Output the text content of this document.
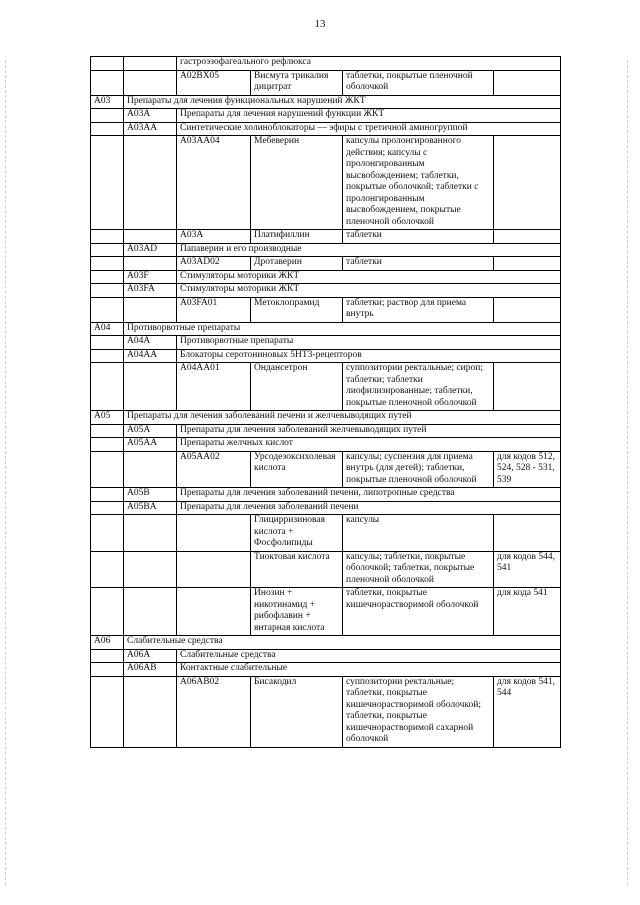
13
		гастроэзофагеального рефлюкса			
		A02BX05	Висмута трикалия дицитрат	таблетки, покрытые пленочной оболочкой	
A03	Препараты для лечения функциональных нарушений ЖКТ				
	A03A	Препараты для лечения нарушений функции ЖКТ			
	A03AA	Синтетические холиноблокаторы — эфиры с третичной аминогруппой			
		A03AA04	Мебеверин	капсулы пролонгированного действия; капсулы с пролонгированным высвобождением; таблетки, покрытые оболочкой; таблетки с пролонгированным высвобождением, покрытые пленочной оболочкой	
		A03A	Платифиллин	таблетки	
	A03AD	Папаверин и его производные			
		A03AD02	Дротаверин	таблетки	
	A03F	Стимуляторы моторики ЖКТ			
	A03FA	Стимуляторы моторики ЖКТ			
		A03FA01	Метоклопрамид	таблетки; раствор для приема внутрь	
A04	Противорвотные препараты				
	A04A	Противорвотные препараты			
	A04AA	Блокаторы серотониновых 5НТ3-рецепторов			
		A04AA01	Ондансетрон	суппозитории ректальные; сироп; таблетки; таблетки лиофилизированные; таблетки, покрытые пленочной оболочкой	
A05	Препараты для лечения заболеваний печени и желчевыводящих путей				
	A05A	Препараты для лечения заболеваний желчевыводящих путей			
	A05AA	Препараты желчных кислот			
		A05AA02	Урсодезоксихолевая кислота	капсулы; суспензия для приема внутрь (для детей); таблетки, покрытые пленочной оболочкой	для кодов 512, 524, 528 - 531, 539
	A05B	Препараты для лечения заболеваний печени, липотропные средства			
	A05BA	Препараты для лечения заболеваний печени			
			Глицирризиновая кислота + Фосфолипиды	капсулы	
			Тиоктовая кислота	капсулы; таблетки, покрытые оболочкой; таблетки, покрытые пленочной оболочкой	для кодов 544, 541
			Инозин + никотинамид + рибофлавин + янтарная кислота	таблетки, покрытые кишечнорастворимой оболочкой	для кода 541
A06	Слабительные средства				
	A06A	Слабительные средства			
	A06AB	Контактные слабительные			
		A06AB02	Бисакодил	суппозитории ректальные; таблетки, покрытые кишечнорастворимой оболочкой; таблетки, покрытые кишечнорастворимой сахарной оболочкой	для кодов 541, 544
